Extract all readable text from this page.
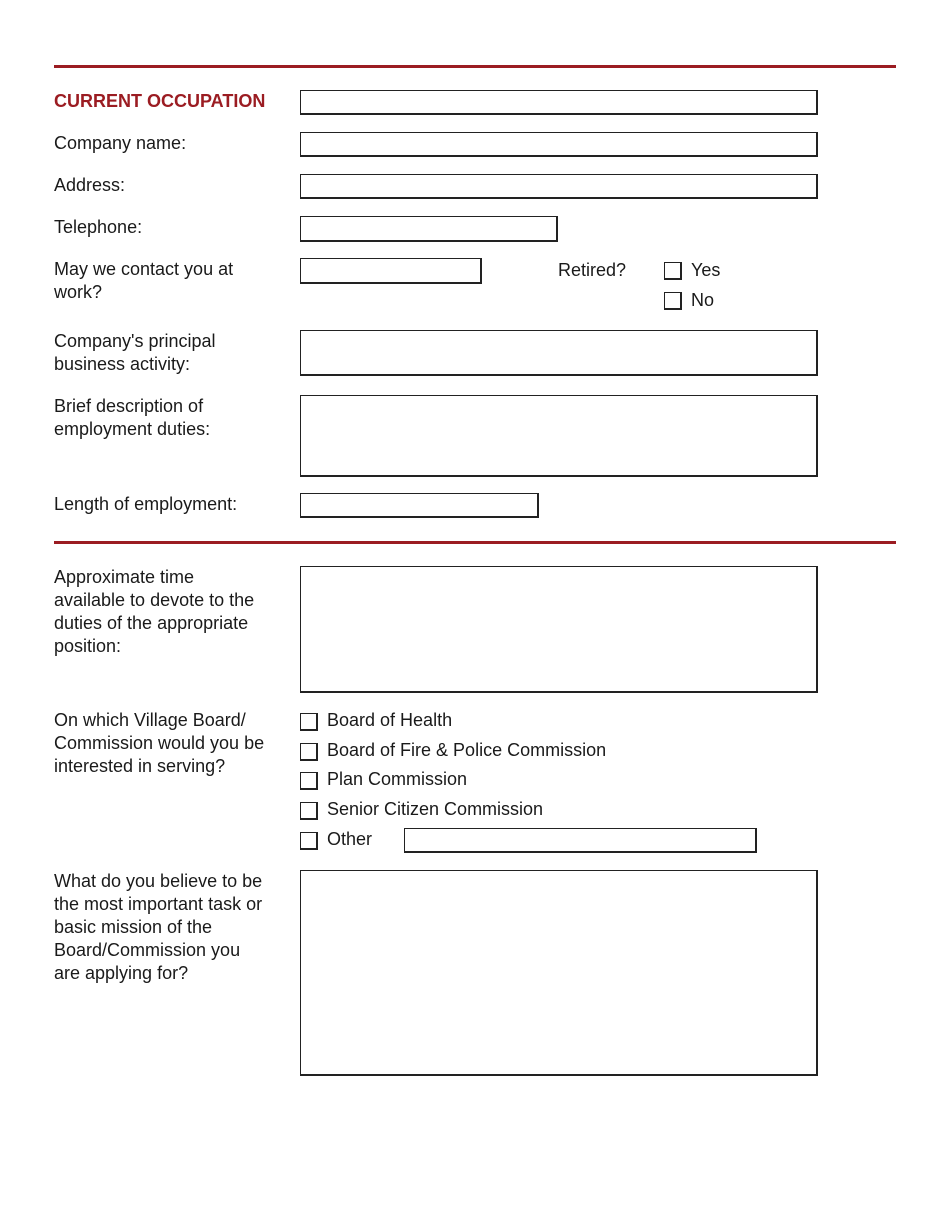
CURRENT OCCUPATION
Company name:
Address:
Telephone:
May we contact you at
work?
Retired?	Yes
No
Company's principal
business activity:
Brief description of
employment duties:
Length of employment:
Approximate time
available to devote to the
duties of the appropriate
position:
On which Village Board/
Commission would you be
interested in serving?
Board of Health
Board of Fire & Police Commission
Plan Commission
Senior Citizen Commission
Other
What do you believe to be
the most important task or
basic mission of the
Board/Commission you
are applying for?
